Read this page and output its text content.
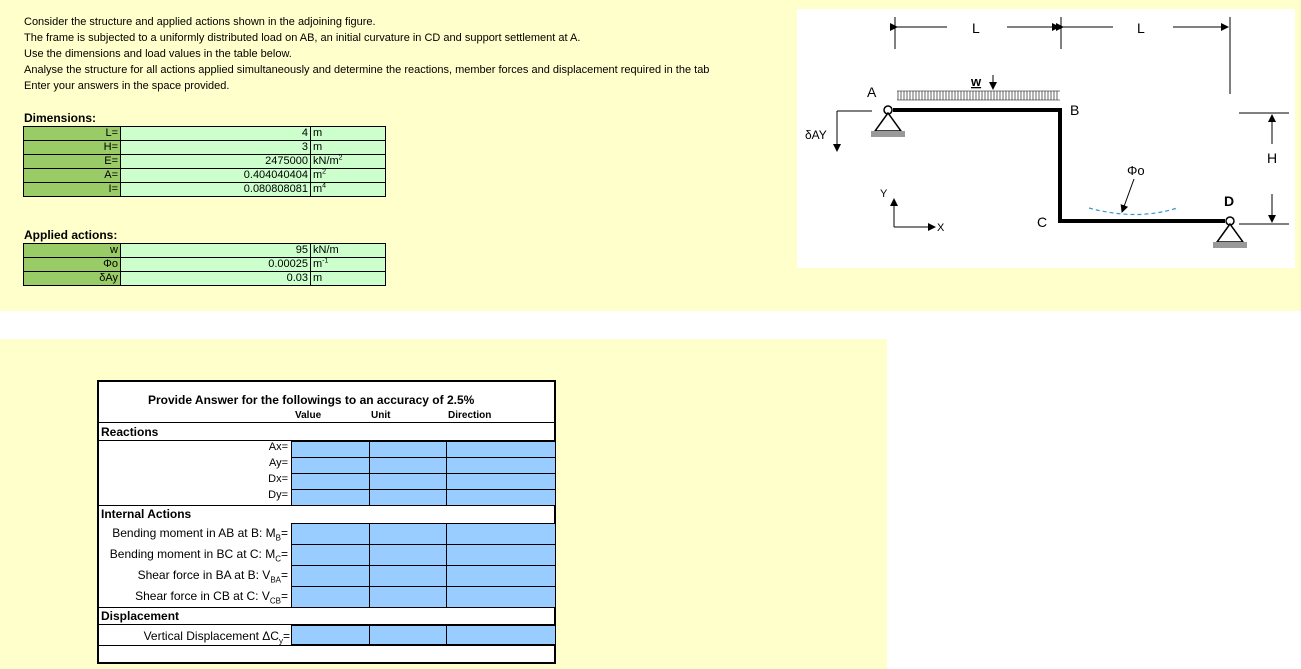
Consider the structure and applied actions shown in the adjoining figure.
The frame is subjected to a uniformly distributed load on AB, an initial curvature in CD and support settlement at A.
Use the dimensions and load values in the table below.
Analyse the structure for all actions applied simultaneously and determine the reactions, member forces and displacement required in the tab
Enter your answers in the space provided.
Dimensions:
L=	4	m
H=	3	m
E=	2475000	$kN/m^2$
A=	0.404040404	$m^2$
I=	0.080808081	$m^4$
Applied actions:
w	95	kN/m
Φo	0.00025	$m^{-1}$
δAy	0.03	m
L	L
A
B
C
D
w
H
δAY
Φo
Y
X
Provide Answer for the followings to an accuracy of 2.5%
Value	Unit	Direction
Reactions
Ax=
Ay=
Dx=
Dy=
Internal Actions
Bending moment in AB at B: $M_B=$
Bending moment in BC at C: $M_C=$
Shear force in BA at B: $V_{BA}=$
Shear force in CB at C: $V_{CB}=$
Displacement
Vertical Displacement $\Delta C_y=$
